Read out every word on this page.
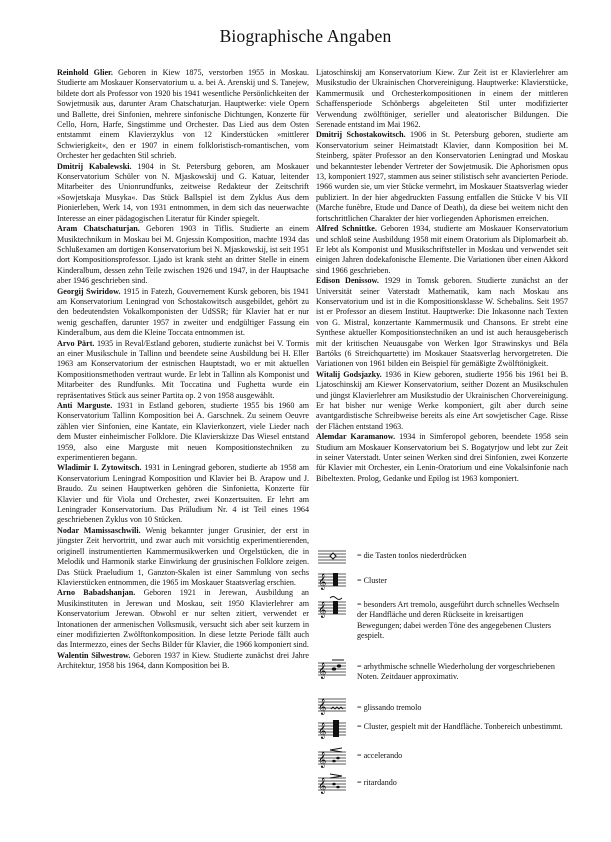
Biographische Angaben

Reinhold Glier. Geboren in Kiew 1875, verstorben 1955 in Moskau. Studierte am Moskauer Konservatorium u. a. bei A. Arenskij und S. Tanejew, bildete dort als Professor von 1920 bis 1941 wesentliche Persönlichkeiten der Sowjetmusik aus, darunter Aram Chatschaturjan. Hauptwerke: viele Opern und Ballette, drei Sinfonien, mehrere sinfonische Dichtungen, Konzerte für Cello, Horn, Harfe, Singstimme und Orchester. Das Lied aus dem Osten entstammt einem Klavierzyklus von 12 Kinderstücken »mittlerer Schwierigkeit«, den er 1907 in einem folkloristisch-romantischen, vom Orchester her gedachten Stil schrieb.

Dmitrij Kabalewski. 1904 in St. Petersburg geboren, am Moskauer Konservatorium Schüler von N. Mjaskowskij und G. Katuar, leitender Mitarbeiter des Unionrundfunks, zeitweise Redakteur der Zeitschrift »Sowjetskaja Musyka«. Das Stück Ballspiel ist dem Zyklus Aus dem Pionierleben, Werk 14, von 1931 entnommen, in dem sich das neuerwachte Interesse an einer pädagogischen Literatur für Kinder spiegelt.

Aram Chatschaturjan. Geboren 1903 in Tiflis. Studierte an einem Musiktechnikum in Moskau bei M. Gnjessin Komposition, machte 1934 das Schlußexamen am dortigen Konservatorium bei N. Mjaskowskij, ist seit 1951 dort Kompositionsprofessor. Ljado ist krank steht an dritter Stelle in einem Kinderalbum, dessen zehn Teile zwischen 1926 und 1947, in der Hauptsache aber 1946 geschrieben sind.

Georgij Swiridow. 1915 in Fatezh, Gouvernement Kursk geboren, bis 1941 am Konservatorium Leningrad von Schostakowitsch ausgebildet, gehört zu den bedeutendsten Vokalkomponisten der UdSSR; für Klavier hat er nur wenig geschaffen, darunter 1957 in zweiter und endgültiger Fassung ein Kinderalbum, aus dem die Kleine Toccata entnommen ist.

Arvo Pärt. 1935 in Reval/Estland geboren, studierte zunächst bei V. Tormis an einer Musikschule in Tallinn und beendete seine Ausbildung bei H. Eller 1963 am Konservatorium der estnischen Hauptstadt, wo er mit aktuellen Kompositionsmethoden vertraut wurde. Er lebt in Tallinn als Komponist und Mitarbeiter des Rundfunks. Mit Toccatina und Fughetta wurde ein repräsentatives Stück aus seiner Partita op. 2 von 1958 ausgewählt.

Anti Marguste. 1931 in Estland geboren, studierte 1955 bis 1960 am Konservatorium Tallinn Komposition bei A. Garschnek. Zu seinem Oeuvre zählen vier Sinfonien, eine Kantate, ein Klavierkonzert, viele Lieder nach dem Muster einheimischer Folklore. Die Klavierskizze Das Wiesel entstand 1959, also eine Marguste mit neuen Kompositionstechniken zu experimentieren begann.

Wladimir I. Zytowitsch. 1931 in Leningrad geboren, studierte ab 1958 am Konservatorium Leningrad Komposition und Klavier bei B. Arapow und J. Braudo. Zu seinen Hauptwerken gehören die Sinfonietta, Konzerte für Klavier und für Viola und Orchester, zwei Konzertsuiten. Er lehrt am Leningrader Konservatorium. Das Präludium Nr. 4 ist Teil eines 1964 geschriebenen Zyklus von 10 Stücken.

Nodar Mamissaschwili. Wenig bekannter junger Grusinier, der erst in jüngster Zeit hervortritt, und zwar auch mit vorsichtig experimentierenden, originell instrumentierten Kammermusikwerken und Orgelstücken, die in Melodik und Harmonik starke Einwirkung der grusinischen Folklore zeigen. Das Stück Praeludium 1, Ganzton-Skalen ist einer Sammlung von sechs Klavierstücken entnommen, die 1965 im Moskauer Staatsverlag erschien.

Arno Babadshanjan. Geboren 1921 in Jerewan, Ausbildung an Musikinstituten in Jerewan und Moskau, seit 1950 Klavierlehrer am Konservatorium Jerewan. Obwohl er nur selten zitiert, verwendet er Intonationen der armenischen Volksmusik, versucht sich aber seit kurzem in einer modifizierten Zwölftonkomposition. In diese letzte Periode fällt auch das Intermezzo, eines der Sechs Bilder für Klavier, die 1966 komponiert sind.

Walentin Silwestrow. Geboren 1937 in Kiew. Studierte zunächst drei Jahre Architektur, 1958 bis 1964, dann Komposition bei B.

Ljatoschinskij am Konservatorium Kiew. Zur Zeit ist er Klavierlehrer am Musikstudio der Ukrainischen Chorvereinigung. Hauptwerke: Klavierstücke, Kammermusik und Orchesterkompositionen in einem der mittleren Schaffensperiode Schönbergs abgeleiteten Stil unter modifizierter Verwendung zwölftöniger, serieller und aleatorischer Bildungen. Die Serenade entstand im Mai 1962.

Dmitrij Schostakowitsch. 1906 in St. Petersburg geboren, studierte am Konservatorium seiner Heimatstadt Klavier, dann Komposition bei M. Steinberg, später Professor an den Konservatorien Leningrad und Moskau und bekanntester lebender Vertreter der Sowjetmusik. Die Aphorismen opus 13, komponiert 1927, stammen aus seiner stilistisch sehr avancierten Periode. 1966 wurden sie, um vier Stücke vermehrt, im Moskauer Staatsverlag wieder publiziert. In der hier abgedruckten Fassung entfallen die Stücke V bis VII (Marche funèbre, Etude und Dance of Death), da diese bei weitem nicht den fortschrittlichen Charakter der hier vorliegenden Aphorismen erreichen.

Alfred Schnittke. Geboren 1934, studierte am Moskauer Konservatorium und schloß seine Ausbildung 1958 mit einem Oratorium als Diplomarbeit ab. Er lebt als Komponist und Musikschriftsteller in Moskau und verwendet seit einigen Jahren dodekafonische Elemente. Die Variationen über einen Akkord sind 1966 geschrieben.

Edison Denissow. 1929 in Tomsk geboren. Studierte zunächst an der Universität seiner Vaterstadt Mathematik, kam nach Moskau ans Konservatorium und ist in die Kompositionsklasse W. Schebalins. Seit 1957 ist er Professor an diesem Institut. Hauptwerke: Die Inkasonne nach Texten von G. Mistral, konzertante Kammermusik und Chansons. Er strebt eine Synthese aktueller Kompositionstechniken an und ist auch herausgeberisch mit der kritischen Neuausgabe von Werken Igor Strawinskys und Béla Bartóks (6 Streichquartette) im Moskauer Staatsverlag hervorgetreten. Die Variationen von 1961 bilden ein Beispiel für gemäßigte Zwölftönigkeit.

Witalij Godsjazky. 1936 in Kiew geboren, studierte 1956 bis 1961 bei B. Ljatoschinskij am Kiewer Konservatorium, seither Dozent an Musikschulen und jüngst Klavierlehrer am Musikstudio der Ukrainischen Chorvereinigung. Er hat bisher nur wenige Werke komponiert, gilt aber durch seine avantgardistische Schreibweise bereits als eine Art sowjetischer Cage. Risse der Flächen entstand 1963.

Alemdar Karamanow. 1934 in Simferopol geboren, beendete 1958 sein Studium am Moskauer Konservatorium bei S. Bogatyrjow und lebt zur Zeit in seiner Vaterstadt. Unter seinen Werken sind drei Sinfonien, zwei Konzerte für Klavier mit Orchester, ein Lenin-Oratorium und eine Vokalsinfonie nach Bibeltexten. Prolog, Gedanke und Epilog ist 1963 komponiert.

= die Tasten tonlos niederdrücken
𝄞	= Cluster
𝄞	= besonders Art tremolo, ausgeführt durch schnelles Wechseln der Handfläche und deren Rückseite in kreisartigen Bewegungen; dabei werden Töne des angegebenen Clusters gespielt.
𝄞	= arhythmische schnelle Wiederholung der vorgeschriebenen Noten. Zeitdauer approximativ.
𝄞	= glissando tremolo
𝄞	= Cluster, gespielt mit der Handfläche. Tonbereich unbestimmt.
𝄞	= accelerando
𝄞	= ritardando
